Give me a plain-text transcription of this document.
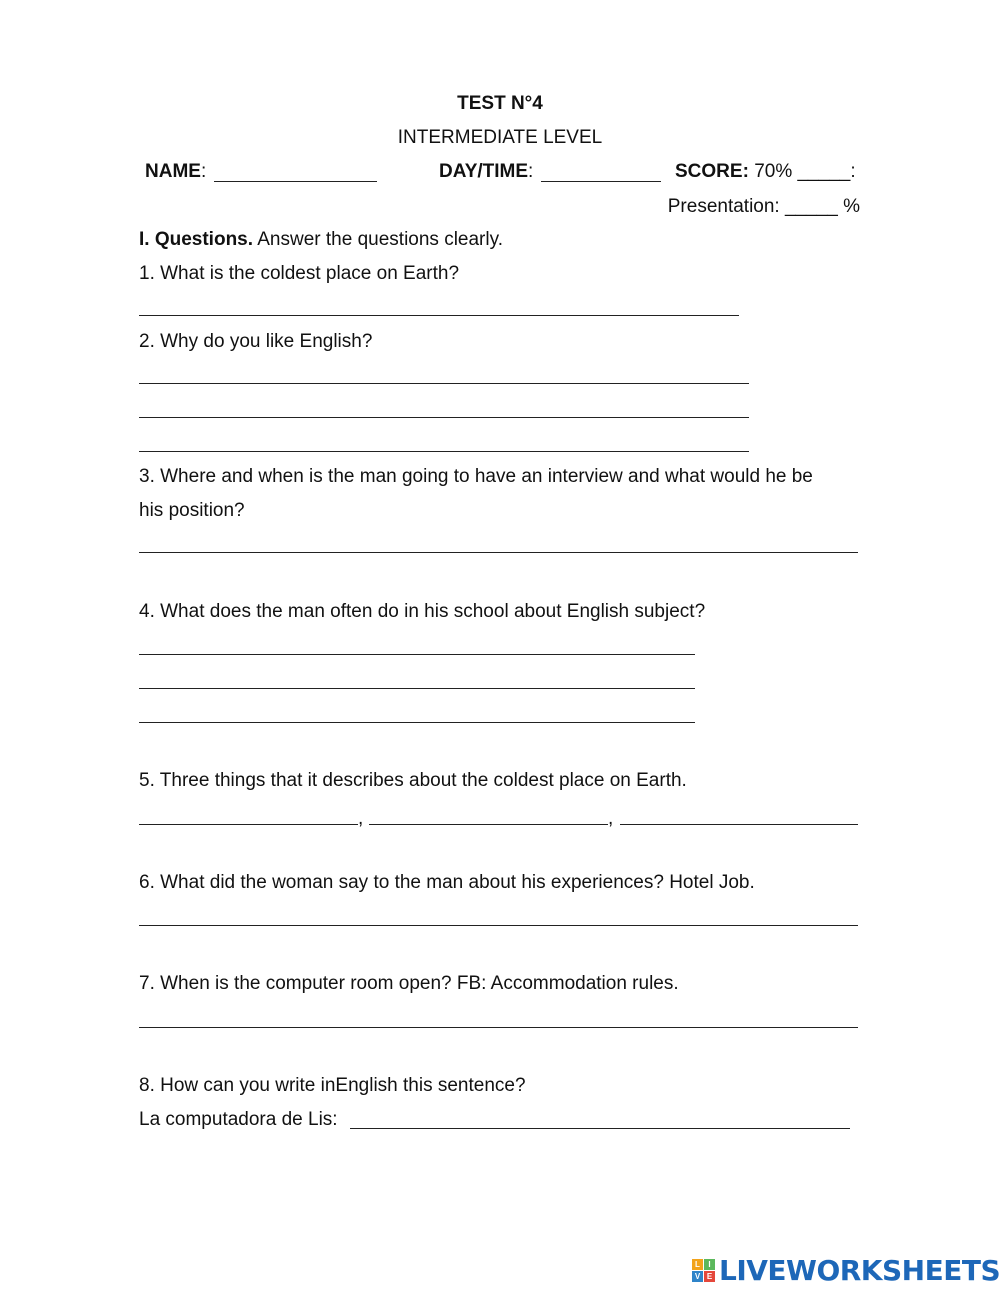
TEST N°4
INTERMEDIATE LEVEL
NAME:	DAY/TIME:	SCORE: 70% _____:
Presentation: _____ %
I. Questions. Answer the questions clearly.
1. What is the coldest place on Earth?
2. Why do you like English?
3. Where and when is the man going to have an interview and what would he be
his position?
4. What does the man often do in his school about English subject?
5. Three things that it describes about the coldest place on Earth.
,	,
6. What did the woman say to the man about his experiences? Hotel Job.
7. When is the computer room open? FB: Accommodation rules.
8. How can you write inEnglish this sentence?
La computadora de Lis:
L	I
V E LIVEWORKSHEETS
